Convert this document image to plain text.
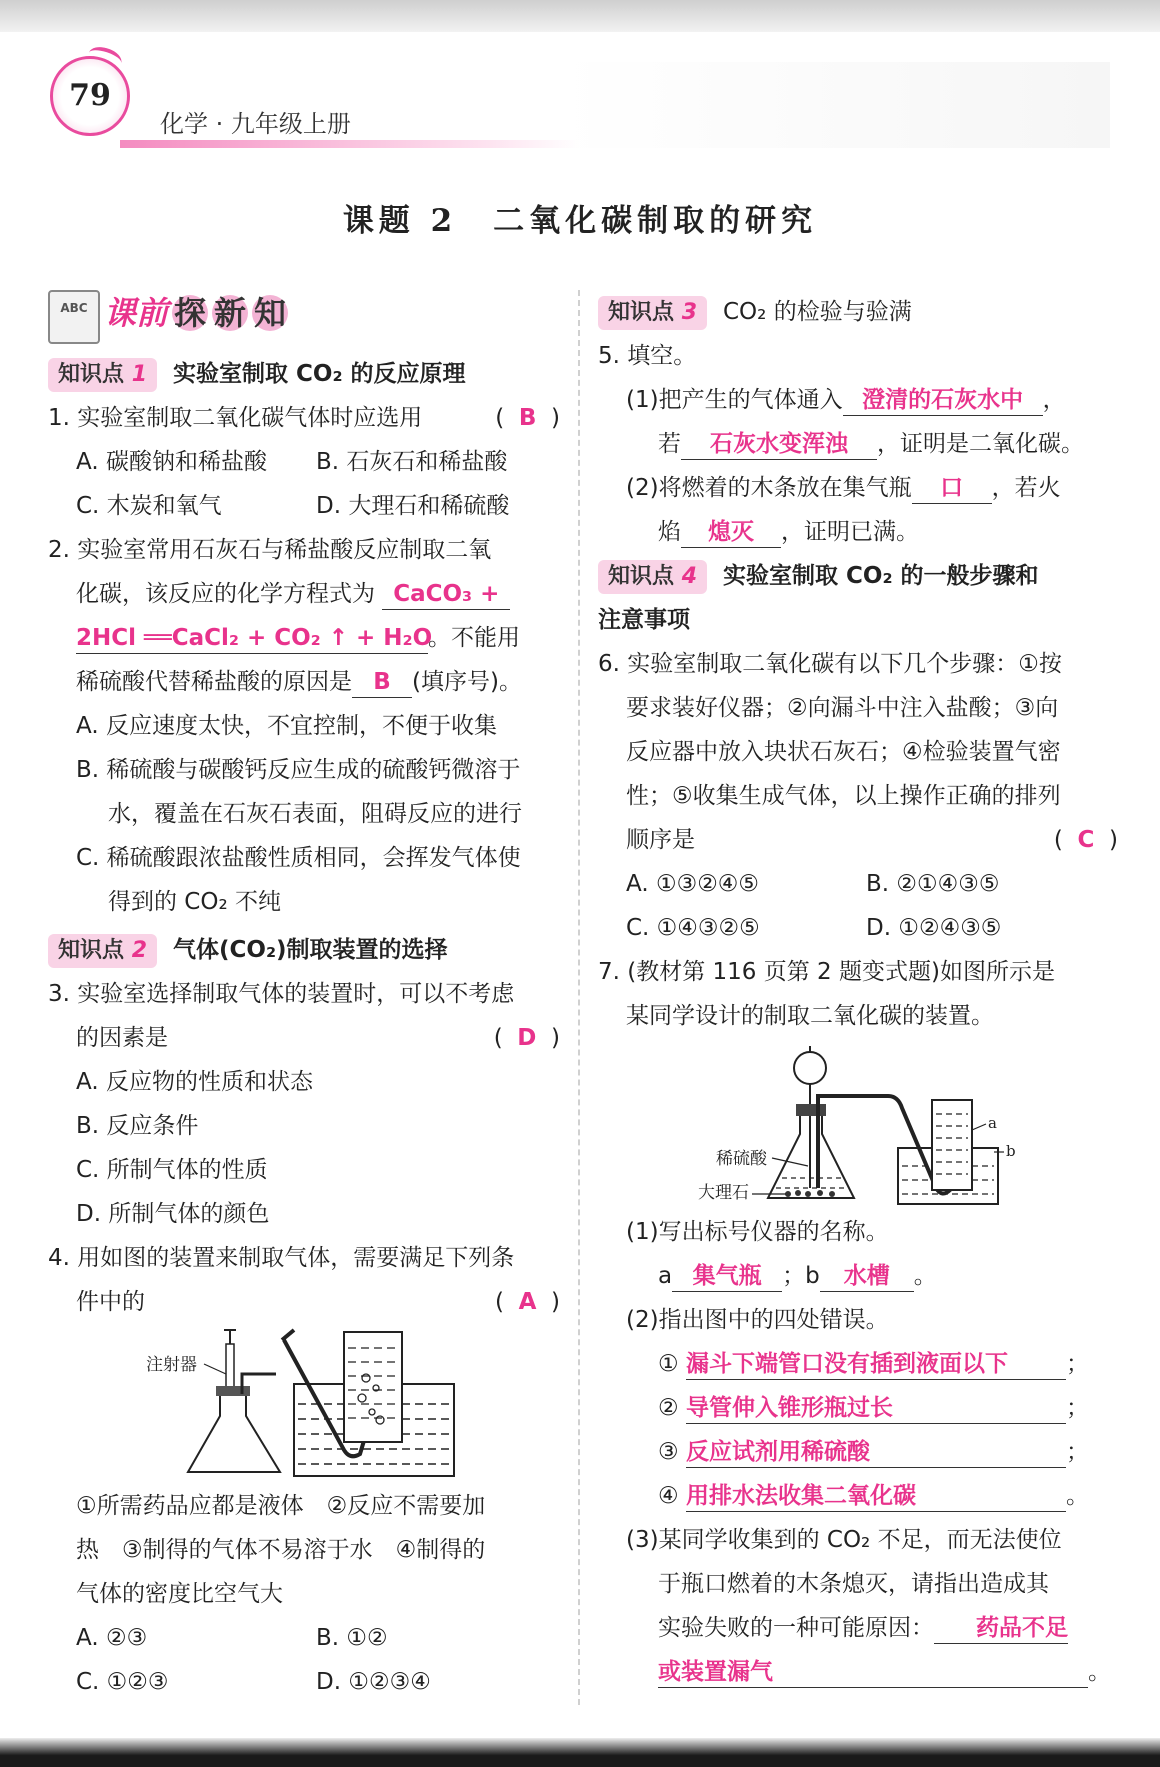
79
化学 · 九年级上册
课题 2　二氧化碳制取的研究
ABC 课前 探 新 知
知识点 1 实验室制取 CO₂ 的反应原理
1. 实验室制取二氧化碳气体时应选用	(  B  )
A. 碳酸钠和稀盐酸	B. 石灰石和稀盐酸
C. 木炭和氧气	D. 大理石和稀硫酸
2. 实验室常用石灰石与稀盐酸反应制取二氧
化碳，该反应的化学方程式为 CaCO₃ +
2HCl ══CaCl₂ + CO₂ ↑ + H₂O。不能用
稀硫酸代替稀盐酸的原因是 B (填序号)。
A. 反应速度太快，不宜控制，不便于收集
B. 稀硫酸与碳酸钙反应生成的硫酸钙微溶于
水，覆盖在石灰石表面，阻碍反应的进行
C. 稀硫酸跟浓盐酸性质相同，会挥发气体使
得到的 CO₂ 不纯
知识点 2 气体(CO₂)制取装置的选择
3. 实验室选择制取气体的装置时，可以不考虑
的因素是	(  D  )
A. 反应物的性质和状态
B. 反应条件
C. 所制气体的性质
D. 所制气体的颜色
4. 用如图的装置来制取气体，需要满足下列条
件中的	(  A  )
注射器
①所需药品应都是液体　②反应不需要加
热　③制得的气体不易溶于水　④制得的
气体的密度比空气大
A. ②③	B. ①②
C. ①②③	D. ①②③④
知识点 3 CO₂ 的检验与验满
5. 填空。
(1)把产生的气体通入 澄清的石灰水中 ，
若 石灰水变浑浊 ，证明是二氧化碳。
(2)将燃着的木条放在集气瓶 口 ，若火
焰 熄灭 ，证明已满。
知识点 4 实验室制取 CO₂ 的一般步骤和
注意事项
6. 实验室制取二氧化碳有以下几个步骤：①按
要求装好仪器；②向漏斗中注入盐酸；③向
反应器中放入块状石灰石；④检验装置气密
性；⑤收集生成气体，以上操作正确的排列
顺序是	(  C  )
A. ①③②④⑤	B. ②①④③⑤
C. ①④③②⑤	D. ①②④③⑤
7. (教材第 116 页第 2 题变式题)如图所示是
某同学设计的制取二氧化碳的装置。
a
b
稀硫酸
大理石
(1)写出标号仪器的名称。
a 集气瓶 ；b 水槽 。
(2)指出图中的四处错误。
① 漏斗下端管口没有插到液面以下	；
② 导管伸入锥形瓶过长	；
③ 反应试剂用稀硫酸	；
④ 用排水法收集二氧化碳	。
(3)某同学收集到的 CO₂ 不足，而无法使位
于瓶口燃着的木条熄灭，请指出造成其
实验失败的一种可能原因： 药品不足
或装置漏气	。
